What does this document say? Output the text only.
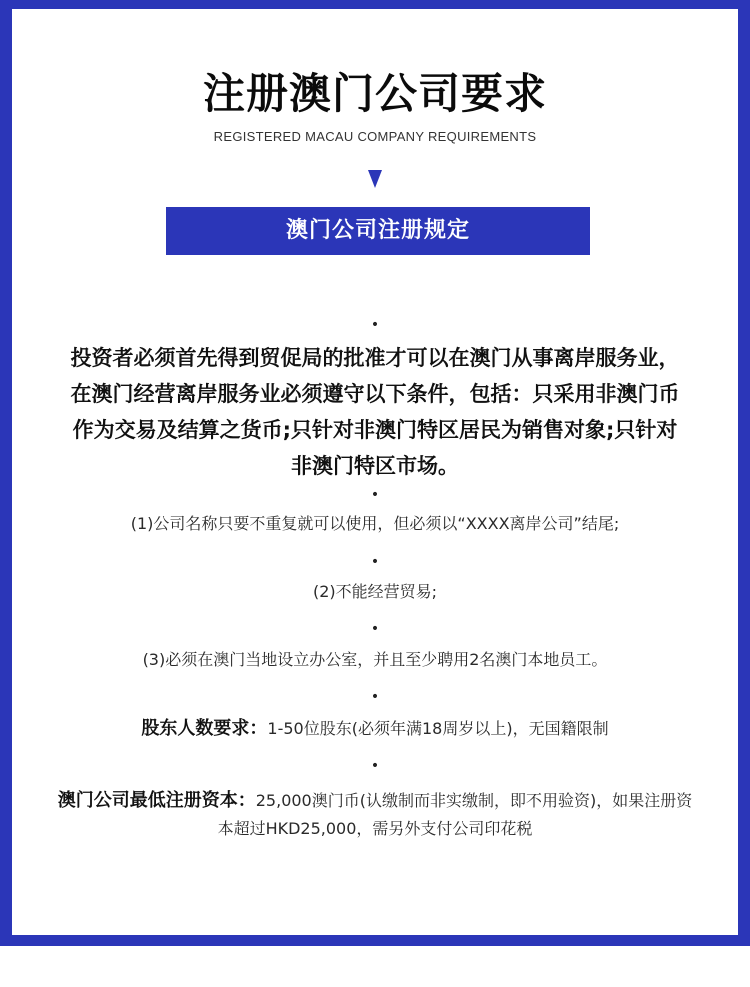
注册澳门公司要求
REGISTERED MACAU COMPANY REQUIREMENTS
澳门公司注册规定
•
投资者必须首先得到贸促局的批准才可以在澳门从事离岸服务业，在澳门经营离岸服务业必须遵守以下条件，包括：只采用非澳门币作为交易及结算之货币;只针对非澳门特区居民为销售对象;只针对非澳门特区市场。
•
(1)公司名称只要不重复就可以使用，但必须以“XXXX离岸公司”结尾;
•
(2)不能经营贸易;
•
(3)必须在澳门当地设立办公室，并且至少聘用2名澳门本地员工。
•
股东人数要求：1-50位股东(必须年满18周岁以上)，无国籍限制
•
澳门公司最低注册资本：25,000澳门币(认缴制而非实缴制，即不用验资)，如果注册资本超过HKD25,000，需另外支付公司印花税
